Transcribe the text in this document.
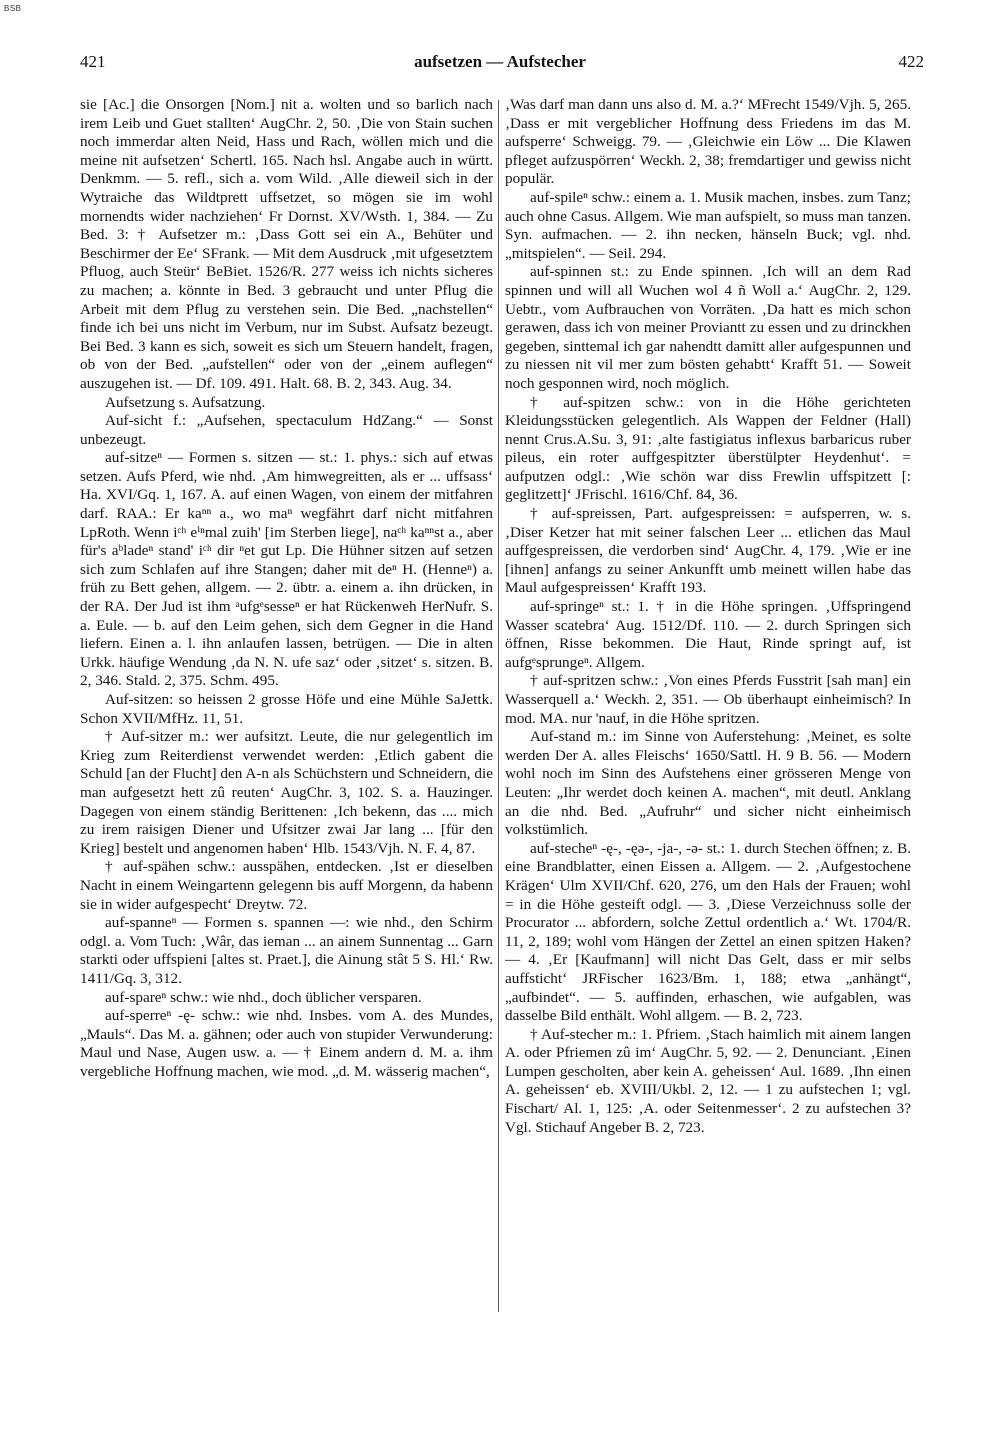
BSB
421	aufsetzen — Aufstecher	422

sie [Ac.] die Onsorgen [Nom.] nit a. wolten und so barlich nach irem Leib und Guet stallten‘ AugChr. 2, 50. ‚Die von Stain suchen noch immerdar alten Neid, Hass und Rach, wöllen mich und die meine nit aufsetzen‘ Schertl. 165. Nach hsl. Angabe auch in württ. Denkmm. — 5. refl., sich a. vom Wild. ‚Alle dieweil sich in der Wytraiche das Wildtprett uffsetzet, so mögen sie im wohl mornendts wider nachziehen‘ Fr Dornst. XV/Wsth. 1, 384. — Zu Bed. 3: † Aufsetzer m.: ‚Dass Gott sei ein A., Behüter und Beschirmer der Ee‘ SFrank. — Mit dem Ausdruck ‚mit ufgesetztem Pfluog, auch Steür‘ BeBiet. 1526/R. 277 weiss ich nichts sicheres zu machen; a. könnte in Bed. 3 gebraucht und unter Pflug die Arbeit mit dem Pflug zu verstehen sein. Die Bed. „nachstellen“ finde ich bei uns nicht im Verbum, nur im Subst. Aufsatz bezeugt. Bei Bed. 3 kann es sich, soweit es sich um Steuern handelt, fragen, ob von der Bed. „aufstellen“ oder von der „einem auflegen“ auszugehen ist. — Df. 109. 491. Halt. 68. B. 2, 343. Aug. 34.

Aufsetzung s. Aufsatzung.

Auf-sicht f.: „Aufsehen, spectaculum HdZang.“ — Sonst unbezeugt.

auf-sitzeⁿ — Formen s. sitzen — st.: 1. phys.: sich auf etwas setzen. Aufs Pferd, wie nhd. ‚Am himwegreitten, als er ... uffsass‘ Ha. XVI/Gq. 1, 167. A. auf einen Wagen, von einem der mitfahren darf. RAA.: Er kaⁿⁿ a., wo maⁿ wegfährt darf nicht mitfahren LpRoth. Wenn iᶜʰ eⁱⁿmal zuih' [im Sterben liege], naᶜʰ kaⁿⁿst a., aber für's aᵇladeⁿ stand' iᶜʰ dir ⁿet gut Lp. Die Hühner sitzen auf setzen sich zum Schlafen auf ihre Stangen; daher mit deⁿ H. (Henneⁿ) a. früh zu Bett gehen, allgem. — 2. übtr. a. einem a. ihn drücken, in der RA. Der Jud ist ihm ᵃufgᵉsesseⁿ er hat Rückenweh HerNufr. S. a. Eule. — b. auf den Leim gehen, sich dem Gegner in die Hand liefern. Einen a. l. ihn anlaufen lassen, betrügen. — Die in alten Urkk. häufige Wendung ‚da N. N. ufe saz‘ oder ‚sitzet‘ s. sitzen. B. 2, 346. Stald. 2, 375. Schm. 495.

Auf-sitzen: so heissen 2 grosse Höfe und eine Mühle SaJettk. Schon XVII/MfHz. 11, 51.

† Auf-sitzer m.: wer aufsitzt. Leute, die nur gelegentlich im Krieg zum Reiterdienst verwendet werden: ‚Etlich gabent die Schuld [an der Flucht] den A-n als Schüchstern und Schneidern, die man aufgesetzt hett zû reuten‘ AugChr. 3, 102. S. a. Hauzinger. Dagegen von einem ständig Berittenen: ‚Ich bekenn, das .... mich zu irem raisigen Diener und Ufsitzer zwai Jar lang ... [für den Krieg] bestelt und angenomen haben‘ Hlb. 1543/Vjh. N. F. 4, 87.

† auf-spähen schw.: ausspähen, entdecken. ‚Ist er dieselben Nacht in einem Weingartenn gelegenn bis auff Morgenn, da habenn sie in wider aufgespecht‘ Dreytw. 72.

auf-spanneⁿ — Formen s. spannen —: wie nhd., den Schirm odgl. a. Vom Tuch: ‚Wâr, das ieman ... an ainem Sunnentag ... Garn starkti oder uffspieni [altes st. Praet.], die Ainung stât 5 S. Hl.‘ Rw. 1411/Gq. 3, 312.

auf-spareⁿ schw.: wie nhd., doch üblicher versparen.

auf-sperreⁿ -ę- schw.: wie nhd. Insbes. vom A. des Mundes, „Mauls“. Das M. a. gähnen; oder auch von stupider Verwunderung: Maul und Nase, Augen usw. a. — † Einem andern d. M. a. ihm vergebliche Hoffnung machen, wie mod. „d. M. wässerig machen“,

‚Was darf man dann uns also d. M. a.?‘ MFrecht 1549/Vjh. 5, 265. ‚Dass er mit vergeblicher Hoffnung dess Friedens im das M. aufsperre‘ Schweigg. 79. — ‚Gleichwie ein Löw ... Die Klawen pfleget aufzuspörren‘ Weckh. 2, 38; fremdartiger und gewiss nicht populär.

auf-spileⁿ schw.: einem a. 1. Musik machen, insbes. zum Tanz; auch ohne Casus. Allgem. Wie man aufspielt, so muss man tanzen. Syn. aufmachen. — 2. ihn necken, hänseln Buck; vgl. nhd. „mitspielen“. — Seil. 294.

auf-spinnen st.: zu Ende spinnen. ‚Ich will an dem Rad spinnen und will all Wuchen wol 4 ñ Woll a.‘ AugChr. 2, 129. Uebtr., vom Aufbrauchen von Vorräten. ‚Da hatt es mich schon gerawen, dass ich von meiner Proviantt zu essen und zu drinckhen gegeben, sinttemal ich gar nahendtt damitt aller aufgespunnen und zu niessen nit vil mer zum bösten gehabtt‘ Krafft 51. — Soweit noch gesponnen wird, noch möglich.

† auf-spitzen schw.: von in die Höhe gerichteten Kleidungsstücken gelegentlich. Als Wappen der Feldner (Hall) nennt Crus.A.Su. 3, 91: ‚alte fastigiatus inflexus barbaricus ruber pileus, ein roter auffgespitzter überstülpter Heydenhut‘. = aufputzen odgl.: ‚Wie schön war diss Frewlin uffspitzett [: geglitzett]‘ JFrischl. 1616/Chf. 84, 36.

† auf-spreissen, Part. aufgespreissen: = aufsperren, w. s. ‚Diser Ketzer hat mit seiner falschen Leer ... etlichen das Maul auffgespreissen, die verdorben sind‘ AugChr. 4, 179. ‚Wie er ine [ihnen] anfangs zu seiner Ankunfft umb meinett willen habe das Maul aufgespreissen‘ Krafft 193.

auf-springeⁿ st.: 1. † in die Höhe springen. ‚Uffspringend Wasser scatebra‘ Aug. 1512/Df. 110. — 2. durch Springen sich öffnen, Risse bekommen. Die Haut, Rinde springt auf, ist aufgᵉsprungeⁿ. Allgem.

† auf-spritzen schw.: ‚Von eines Pferds Fusstrit [sah man] ein Wasserquell a.‘ Weckh. 2, 351. — Ob überhaupt einheimisch? In mod. MA. nur 'nauf, in die Höhe spritzen.

Auf-stand m.: im Sinne von Auferstehung: ‚Meinet, es solte werden Der A. alles Fleischs‘ 1650/Sattl. H. 9 B. 56. — Modern wohl noch im Sinn des Aufstehens einer grösseren Menge von Leuten: „Ihr werdet doch keinen A. machen“, mit deutl. Anklang an die nhd. Bed. „Aufruhr“ und sicher nicht einheimisch volkstümlich.

auf-stecheⁿ -ę-, -ęə-, -ja-, -ə- st.: 1. durch Stechen öffnen; z. B. eine Brandblatter, einen Eissen a. Allgem. — 2. ‚Aufgestochene Krägen‘ Ulm XVII/Chf. 620, 276, um den Hals der Frauen; wohl = in die Höhe gesteift odgl. — 3. ‚Diese Verzeichnuss solle der Procurator ... abfordern, solche Zettul ordentlich a.‘ Wt. 1704/R. 11, 2, 189; wohl vom Hängen der Zettel an einen spitzen Haken? — 4. ‚Er [Kaufmann] will nicht Das Gelt, dass er mir selbs auffsticht‘ JRFischer 1623/Bm. 1, 188; etwa „anhängt“, „aufbindet“. — 5. auffinden, erhaschen, wie aufgablen, was dasselbe Bild enthält. Wohl allgem. — B. 2, 723.

† Auf-stecher m.: 1. Pfriem. ‚Stach haimlich mit ainem langen A. oder Pfriemen zû im‘ AugChr. 5, 92. — 2. Denunciant. ‚Einen Lumpen gescholten, aber kein A. geheissen‘ Aul. 1689. ‚Ihn einen A. geheissen‘ eb. XVIII/Ukbl. 2, 12. — 1 zu aufstechen 1; vgl. Fischart/ Al. 1, 125: ‚A. oder Seitenmesser‘. 2 zu aufstechen 3? Vgl. Stichauf Angeber B. 2, 723.
